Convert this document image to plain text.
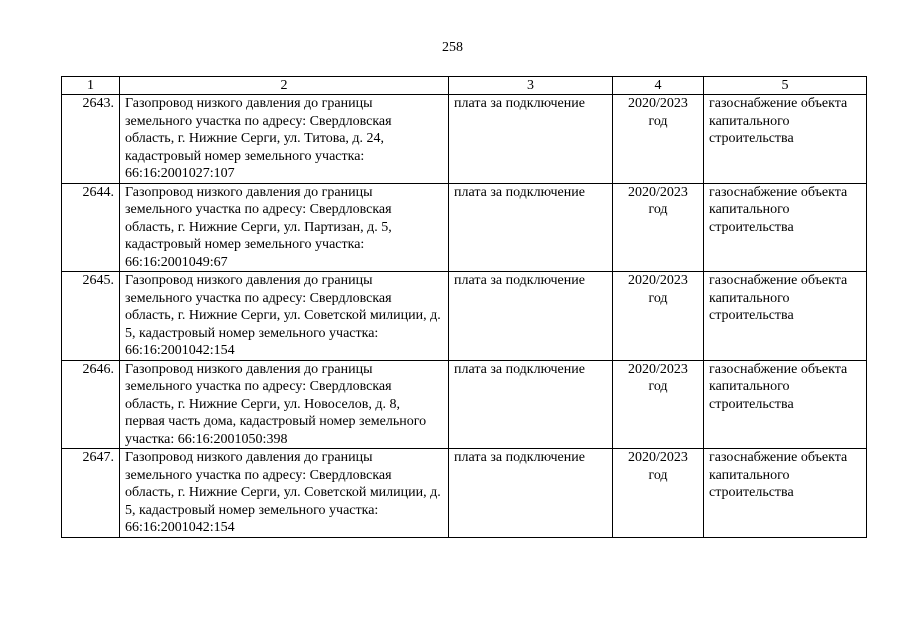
258
1	2	3	4	5
2643.	Газопровод низкого давления до границы земельного участка по адресу: Свердловская область, г. Нижние Серги, ул. Титова, д. 24, кадастровый номер земельного участка: 66:16:2001027:107	плата за подключение	2020/2023 год	газоснабжение объекта капитального строительства
2644.	Газопровод низкого давления до границы земельного участка по адресу: Свердловская область, г. Нижние Серги, ул. Партизан, д. 5, кадастровый номер земельного участка: 66:16:2001049:67	плата за подключение	2020/2023 год	газоснабжение объекта капитального строительства
2645.	Газопровод низкого давления до границы земельного участка по адресу: Свердловская область, г. Нижние Серги, ул. Советской милиции, д. 5, кадастровый номер земельного участка: 66:16:2001042:154	плата за подключение	2020/2023 год	газоснабжение объекта капитального строительства
2646.	Газопровод низкого давления до границы земельного участка по адресу: Свердловская область, г. Нижние Серги, ул. Новоселов, д. 8, первая часть дома, кадастровый номер земельного участка: 66:16:2001050:398	плата за подключение	2020/2023 год	газоснабжение объекта капитального строительства
2647.	Газопровод низкого давления до границы земельного участка по адресу: Свердловская область, г. Нижние Серги, ул. Советской милиции, д. 5, кадастровый номер земельного участка: 66:16:2001042:154	плата за подключение	2020/2023 год	газоснабжение объекта капитального строительства
